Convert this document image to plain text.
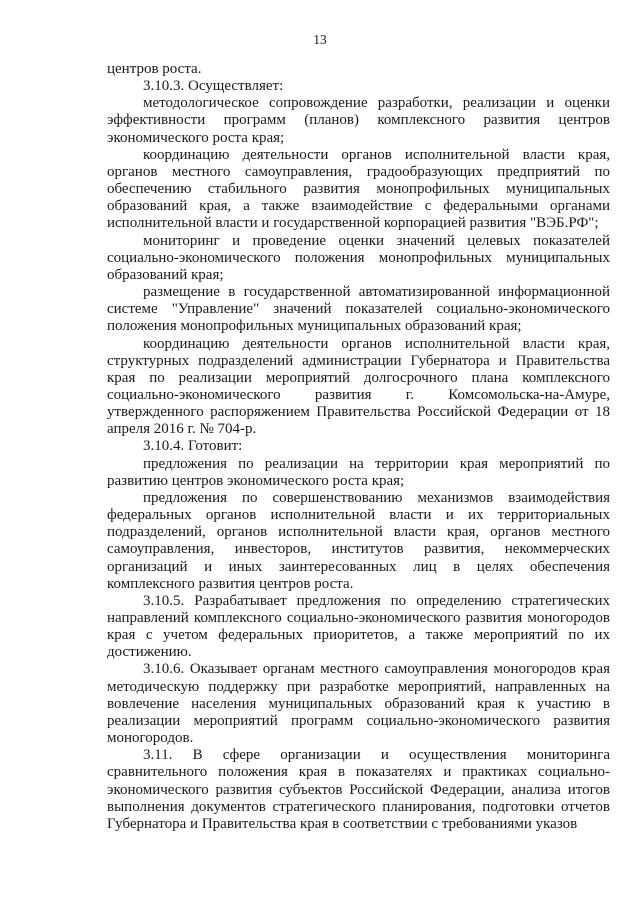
13

центров роста.

3.10.3. Осуществляет:

методологическое сопровождение разработки, реализации и оценки эффективности программ (планов) комплексного развития центров экономического роста края;

координацию деятельности органов исполнительной власти края, органов местного самоуправления, градообразующих предприятий по обеспечению стабильного развития монопрофильных муниципальных образований края, а также взаимодействие с федеральными органами исполнительной власти и государственной корпорацией развития "ВЭБ.РФ";

мониторинг и проведение оценки значений целевых показателей социально-экономического положения монопрофильных муниципальных образований края;

размещение в государственной автоматизированной информационной системе "Управление" значений показателей социально-экономического положения монопрофильных муниципальных образований края;

координацию деятельности органов исполнительной власти края, структурных подразделений администрации Губернатора и Правительства края по реализации мероприятий долгосрочного плана комплексного социально-экономического развития г. Комсомольска-на-Амуре, утвержденного распоряжением Правительства Российской Федерации от 18 апреля 2016 г. № 704-р.

3.10.4. Готовит:

предложения по реализации на территории края мероприятий по развитию центров экономического роста края;

предложения по совершенствованию механизмов взаимодействия федеральных органов исполнительной власти и их территориальных подразделений, органов исполнительной власти края, органов местного самоуправления, инвесторов, институтов развития, некоммерческих организаций и иных заинтересованных лиц в целях обеспечения комплексного развития центров роста.

3.10.5. Разрабатывает предложения по определению стратегических направлений комплексного социально-экономического развития моногородов края с учетом федеральных приоритетов, а также мероприятий по их достижению.

3.10.6. Оказывает органам местного самоуправления моногородов края методическую поддержку при разработке мероприятий, направленных на вовлечение населения муниципальных образований края к участию в реализации мероприятий программ социально-экономического развития моногородов.

3.11. В сфере организации и осуществления мониторинга сравнительного положения края в показателях и практиках социально-экономического развития субъектов Российской Федерации, анализа итогов выполнения документов стратегического планирования, подготовки отчетов Губернатора и Правительства края в соответствии с требованиями указов
